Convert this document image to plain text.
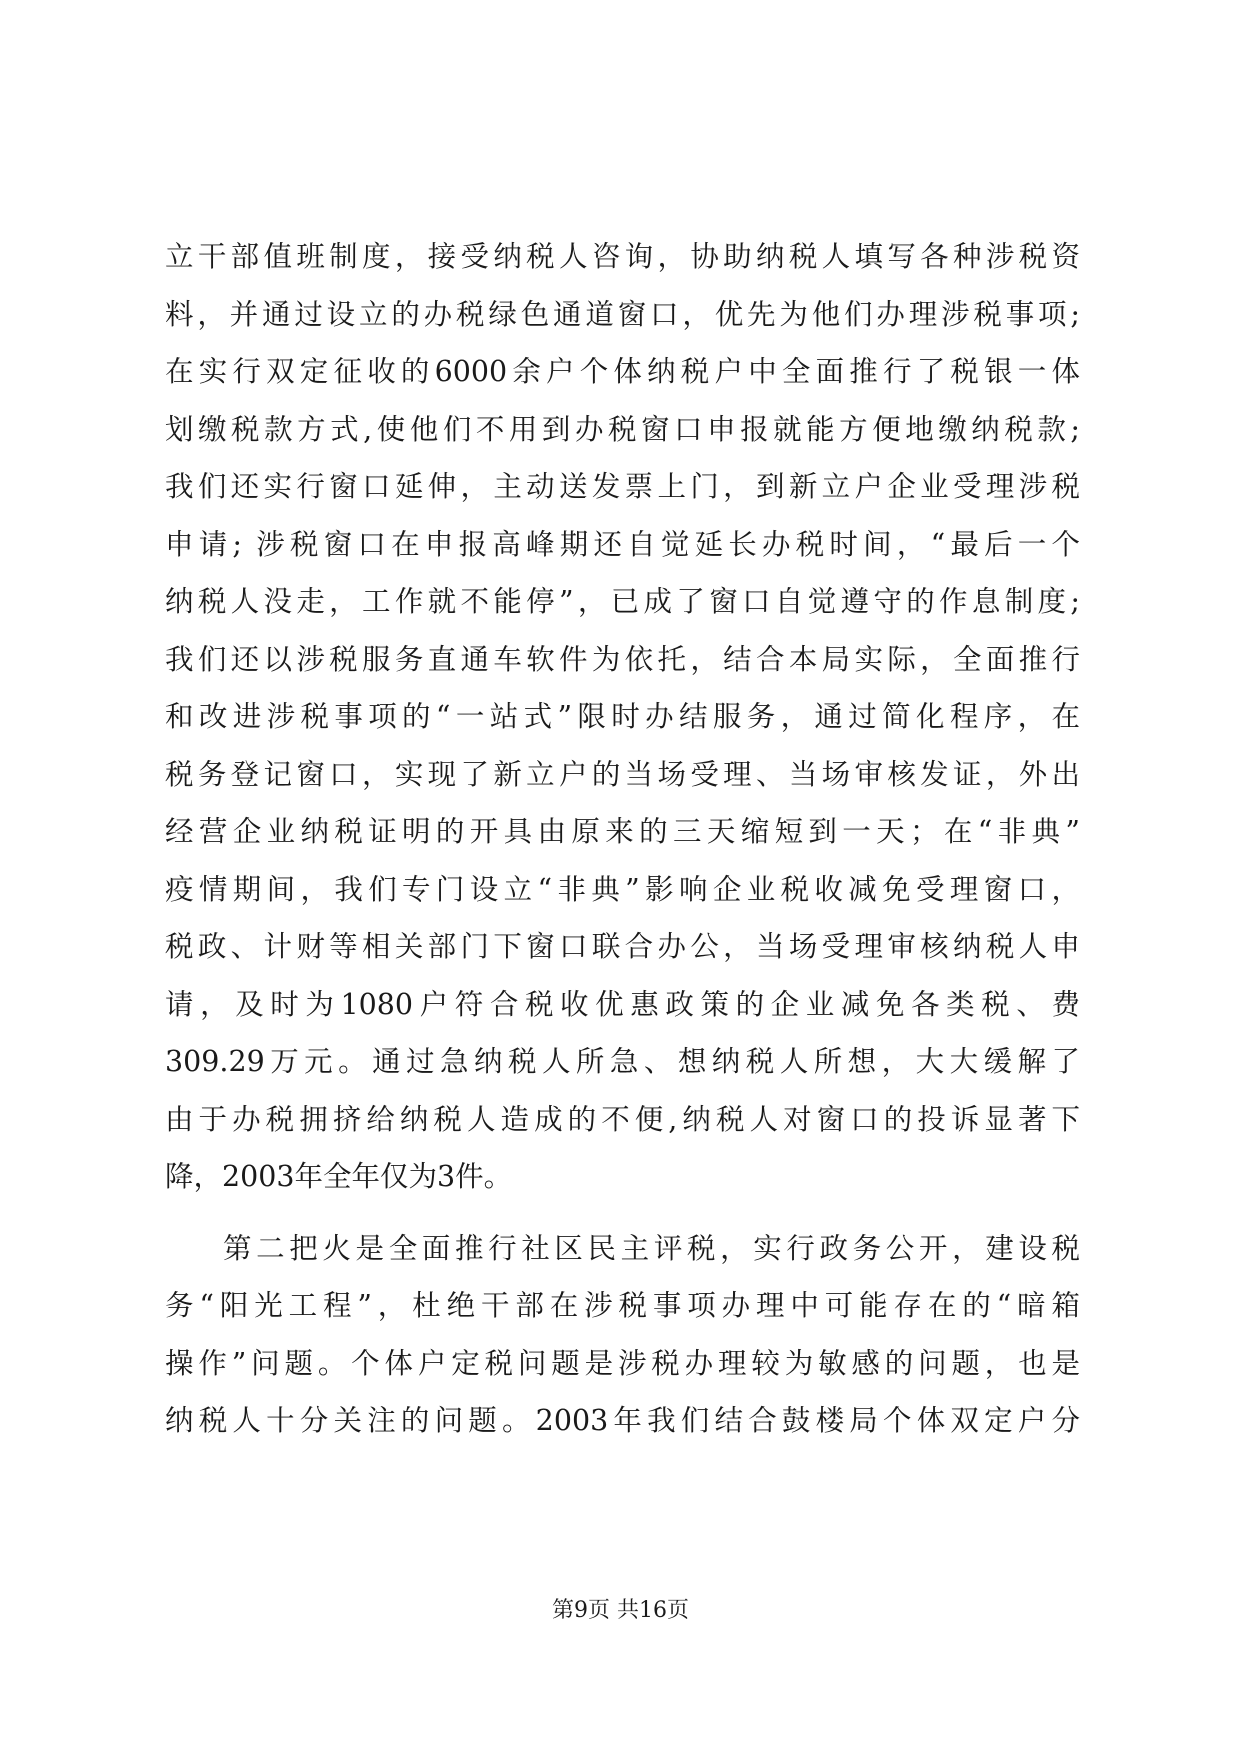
立干部值班制度，接受纳税人咨询，协助纳税人填写各种涉税资
料，并通过设立的办税绿色通道窗口，优先为他们办理涉税事项;
在实行双定征收的6000余户个体纳税户中全面推行了税银一体
划缴税款方式,使他们不用到办税窗口申报就能方便地缴纳税款;
我们还实行窗口延伸，主动送发票上门，到新立户企业受理涉税
申请; 涉税窗口在申报高峰期还自觉延长办税时间，“最后一个
纳税人没走，工作就不能停”，已成了窗口自觉遵守的作息制度;
我们还以涉税服务直通车软件为依托，结合本局实际，全面推行
和改进涉税事项的“一站式”限时办结服务，通过简化程序，在
税务登记窗口，实现了新立户的当场受理、当场审核发证，外出
经营企业纳税证明的开具由原来的三天缩短到一天；在“非典”
疫情期间，我们专门设立“非典”影响企业税收减免受理窗口，
税政、计财等相关部门下窗口联合办公，当场受理审核纳税人申
请，及时为1080户符合税收优惠政策的企业减免各类税、费
309.29万元。通过急纳税人所急、想纳税人所想，大大缓解了
由于办税拥挤给纳税人造成的不便,纳税人对窗口的投诉显著下
降，2003年全年仅为3件。
第二把火是全面推行社区民主评税，实行政务公开，建设税
务“阳光工程”，杜绝干部在涉税事项办理中可能存在的“暗箱
操作”问题。个体户定税问题是涉税办理较为敏感的问题，也是
纳税人十分关注的问题。2003年我们结合鼓楼局个体双定户分
第9页 共16页
